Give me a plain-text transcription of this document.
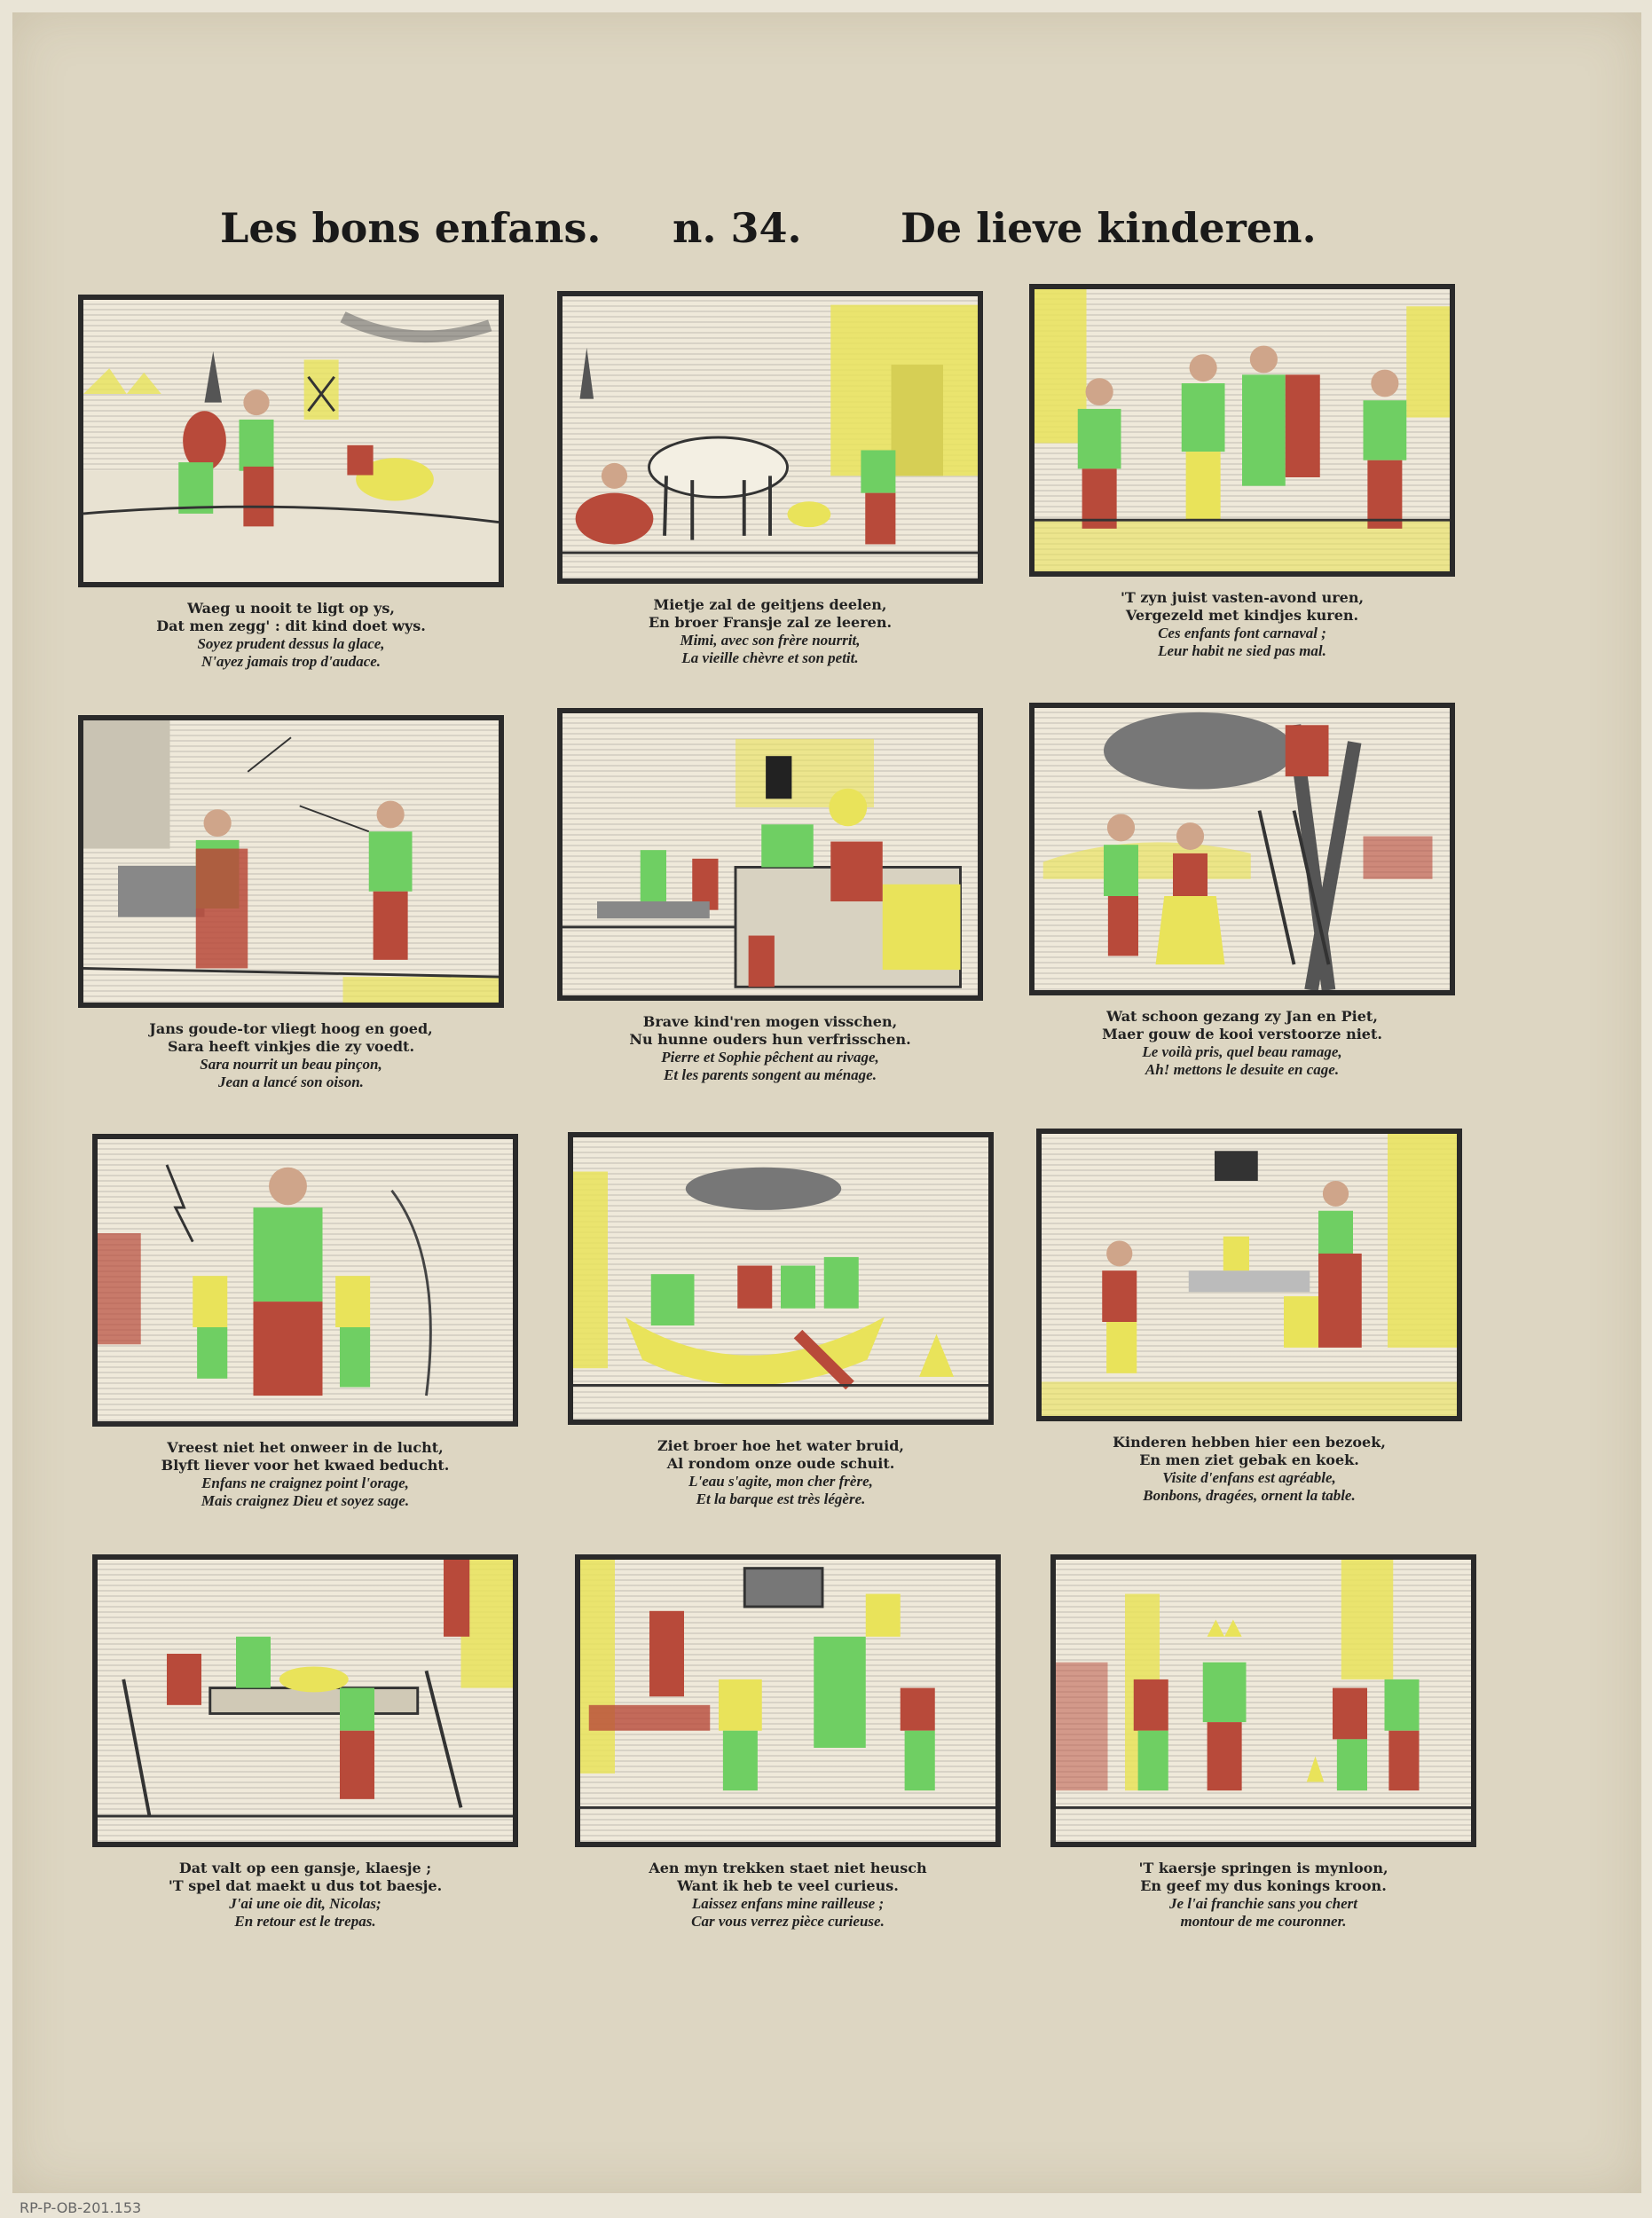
Les bons enfans. n. 34. De lieve kinderen.
Waeg u nooit te ligt op ys,
Dat men zegg' : dit kind doet wys.
Soyez prudent dessus la glace,
N'ayez jamais trop d'audace.
Mietje zal de geitjens deelen,
En broer Fransje zal ze leeren.
Mimi, avec son frère nourrit,
La vieille chèvre et son petit.
'T zyn juist vasten-avond uren,
Vergezeld met kindjes kuren.
Ces enfants font carnaval ;
Leur habit ne sied pas mal.
Jans goude-tor vliegt hoog en goed,
Sara heeft vinkjes die zy voedt.
Sara nourrit un beau pinçon,
Jean a lancé son oison.
Brave kind'ren mogen visschen,
Nu hunne ouders hun verfrisschen.
Pierre et Sophie pêchent au rivage,
Et les parents songent au ménage.
Wat schoon gezang zy Jan en Piet,
Maer gouw de kooi verstoorze niet.
Le voilà pris, quel beau ramage,
Ah! mettons le desuite en cage.
Vreest niet het onweer in de lucht,
Blyft liever voor het kwaed beducht.
Enfans ne craignez point l'orage,
Mais craignez Dieu et soyez sage.
Ziet broer hoe het water bruid,
Al rondom onze oude schuit.
L'eau s'agite, mon cher frère,
Et la barque est très légère.
Kinderen hebben hier een bezoek,
En men ziet gebak en koek.
Visite d'enfans est agréable,
Bonbons, dragées, ornent la table.
Dat valt op een gansje, klaesje ;
'T spel dat maekt u dus tot baesje.
J'ai une oie dit, Nicolas;
En retour est le trepas.
Aen myn trekken staet niet heusch
Want ik heb te veel curieus.
Laissez enfans mine railleuse ;
Car vous verrez pièce curieuse.
'T kaersje springen is mynloon,
En geef my dus konings kroon.
Je l'ai franchie sans you chert
montour de me couronner.
RP-P-OB-201.153
